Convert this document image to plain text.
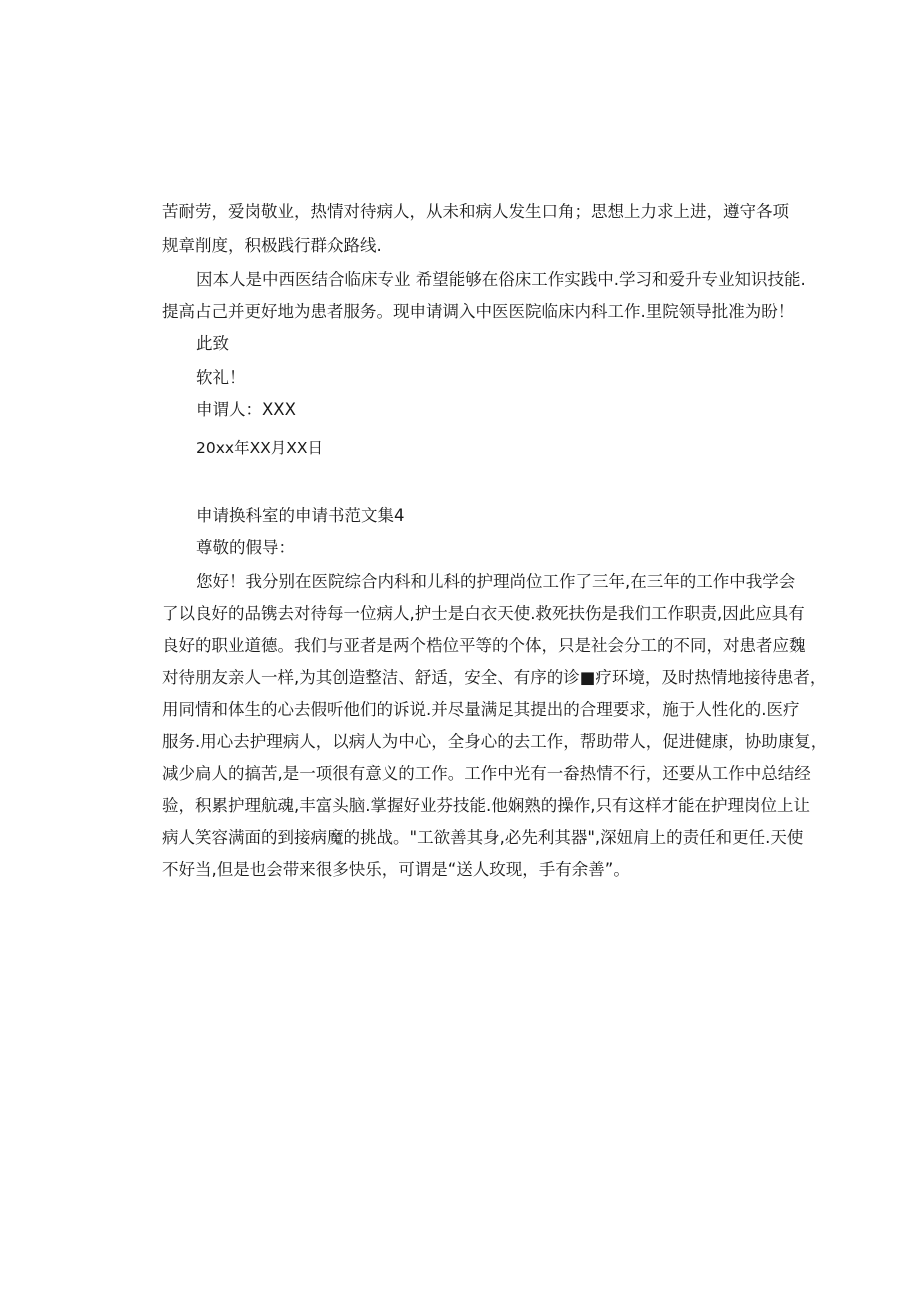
苦耐劳，爱岗敬业，热情对待病人，从未和病人发生口角；思想上力求上进，遵守各项
规章削度，积极践行群众路线.
因本人是中西医结合临床专业 希望能够在俗床工作实践中.学习和爱升专业知识技能.
提高占己并更好地为患者服务。现申请调入中医医院临床内科工作.里院领导批准为盼！
此致
软礼！
申谓人：XXX
20xx年XX月XX日
申请换科室的申请书范文集4
尊敬的假导：
您好！我分别在医院综合内科和儿科的护理尚位工作了三年,在三年的工作中我学会
了以良好的品镌去对待每一位病人,护士是白衣天使.救死扶伤是我们工作职责,因此应具有
良好的职业道德。我们与亚者是两个梏位平等的个体，只是社会分工的不同，对患者应魏
对待朋友亲人一样,为其创造整洁、舒适，安全、有序的诊■疗环境，及时热情地接待患者，
用同情和体生的心去假听他们的诉说.并尽量满足其提出的合理要求，施于人性化的.医疗
服务.用心去护理病人，以病人为中心，全身心的去工作，帮助带人，促进健康，协助康复，
减少扃人的搞苦,是一项很有意义的工作。工作中光有一畚热情不行，还要从工作中总结经
验，积累护理航魂,丰富头脑.掌握好业芬技能.他娴熟的操作,只有这样才能在护理岗位上让
病人笑容满面的到接病魔的挑战。"工欲善其身,必先利其器",深妞肩上的责任和更任.天使
不好当,但是也会带来很多快乐，可谓是“送人玫现，手有余善”。
